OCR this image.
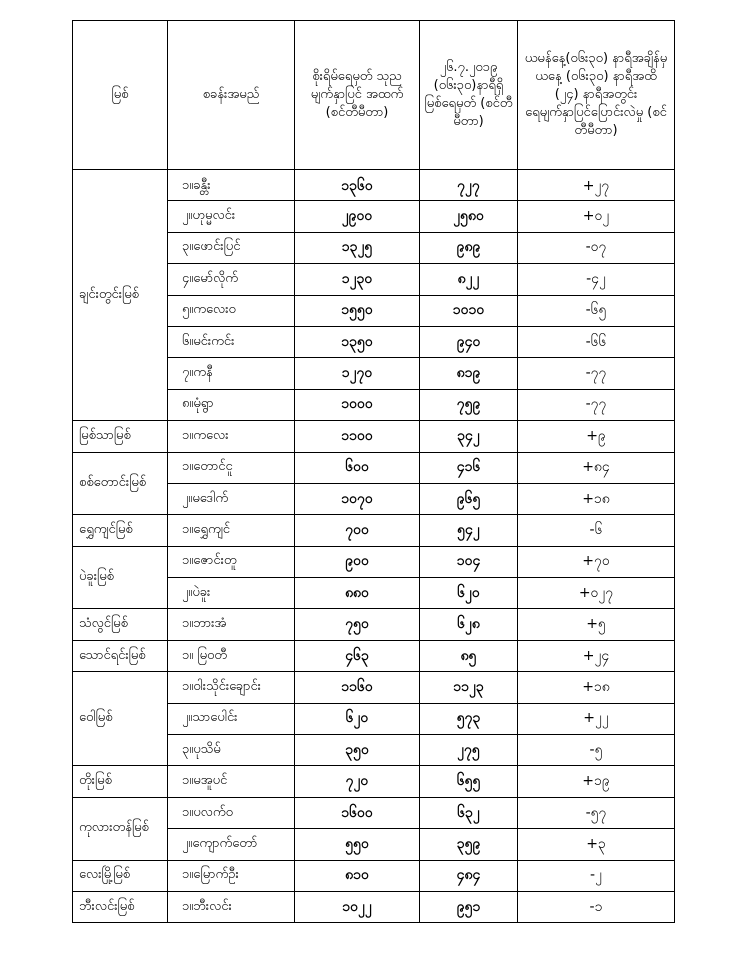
မြစ်	စခန်းအမည်	စိုးရိမ်ရေမှတ် သုည မျက်နှာပြင် အထက် (စင်တီမီတာ)	၂၆.၇.၂၀၁၉ (၀၆း၃၀)နာရီရှိ မြစ်ရေမှတ် (စင်တီမီတာ)	ယမန်နေ့(၀၆း၃၀) နာရီအချိန်မှ ယနေ့ (၀၆း၃၀) နာရီအထိ (၂၄) နာရီအတွင်း ရေမျက်နှာပြင်ပြောင်းလဲမှု (စင်တီမီတာ)
ချင်းတွင်းမြစ်	၁။ခန္တီး	၁၃၆၀	၇၂၇	+၂၇
	၂။ဟုမ္မလင်း	၂၉၀၀	၂၅၈၀	+၀၂
	၃။ဖောင်းပြင်	၁၃၂၅	၉၈၉	-၀၇
	၄။မော်လိုက်	၁၂၃၀	၈၂၂	-၄၂
	၅။ကလေးဝ	၁၅၅၀	၁၀၁၀	-၆၅
	၆။မင်းကင်း	၁၃၅၀	၉၄၀	-၆၆
	၇။ကနီ	၁၂၇၀	၈၁၉	-၇၇
	၈။မုံရွာ	၁၀၀၀	၇၅၉	-၇၇
မြစ်သာမြစ်	၁။ကလေး	၁၁၀၀	၃၄၂	+၉
စစ်တောင်းမြစ်	၁။တောင်ငူ	၆၀၀	၄၁၆	+၈၄
	၂။မဒေါက်	၁၀၇၀	၉၆၅	+၁၈
ရွှေကျင်မြစ်	၁။ရွှေကျင်	၇၀၀	၅၄၂	-၆
ပဲခူးမြစ်	၁။ဇောင်းတူ	၉၀၀	၁၀၄	+၇၀
	၂။ပဲခူး	၈၈၀	၆၂၀	+၀၂၇
သံလွင်မြစ်	၁။ဘားအံ	၇၅၀	၆၂၈	+၅
သောင်ရင်းမြစ်	၁။ မြဝတီ	၄၆၃	၈၅	+၂၄
ဝေါမြစ်	၁။ဝါးသိုင်းချောင်း	၁၁၆၀	၁၁၂၃	+၁၈
	၂။သာပေါင်း	၆၂၀	၅၇၃	+၂၂
	၃။ပုသိမ်	၃၅၀	၂၇၅	-၅
တိုးမြစ်	၁။မအူပင်	၇၂၀	၆၅၅	+၁၉
ကုလားတန်မြစ်	၁။ပလက်ဝ	၁၆၀၀	၆၃၂	-၅၇
	၂။ကျောက်တော်	၅၅၀	၃၅၉	+၃
လေးမြို့မြစ်	၁။မြောက်ဦး	၈၁၀	၄၈၄	-၂
ဘီးလင်းမြစ်	၁။ဘီးလင်း	၁၀၂၂	၉၅၁	-၁
